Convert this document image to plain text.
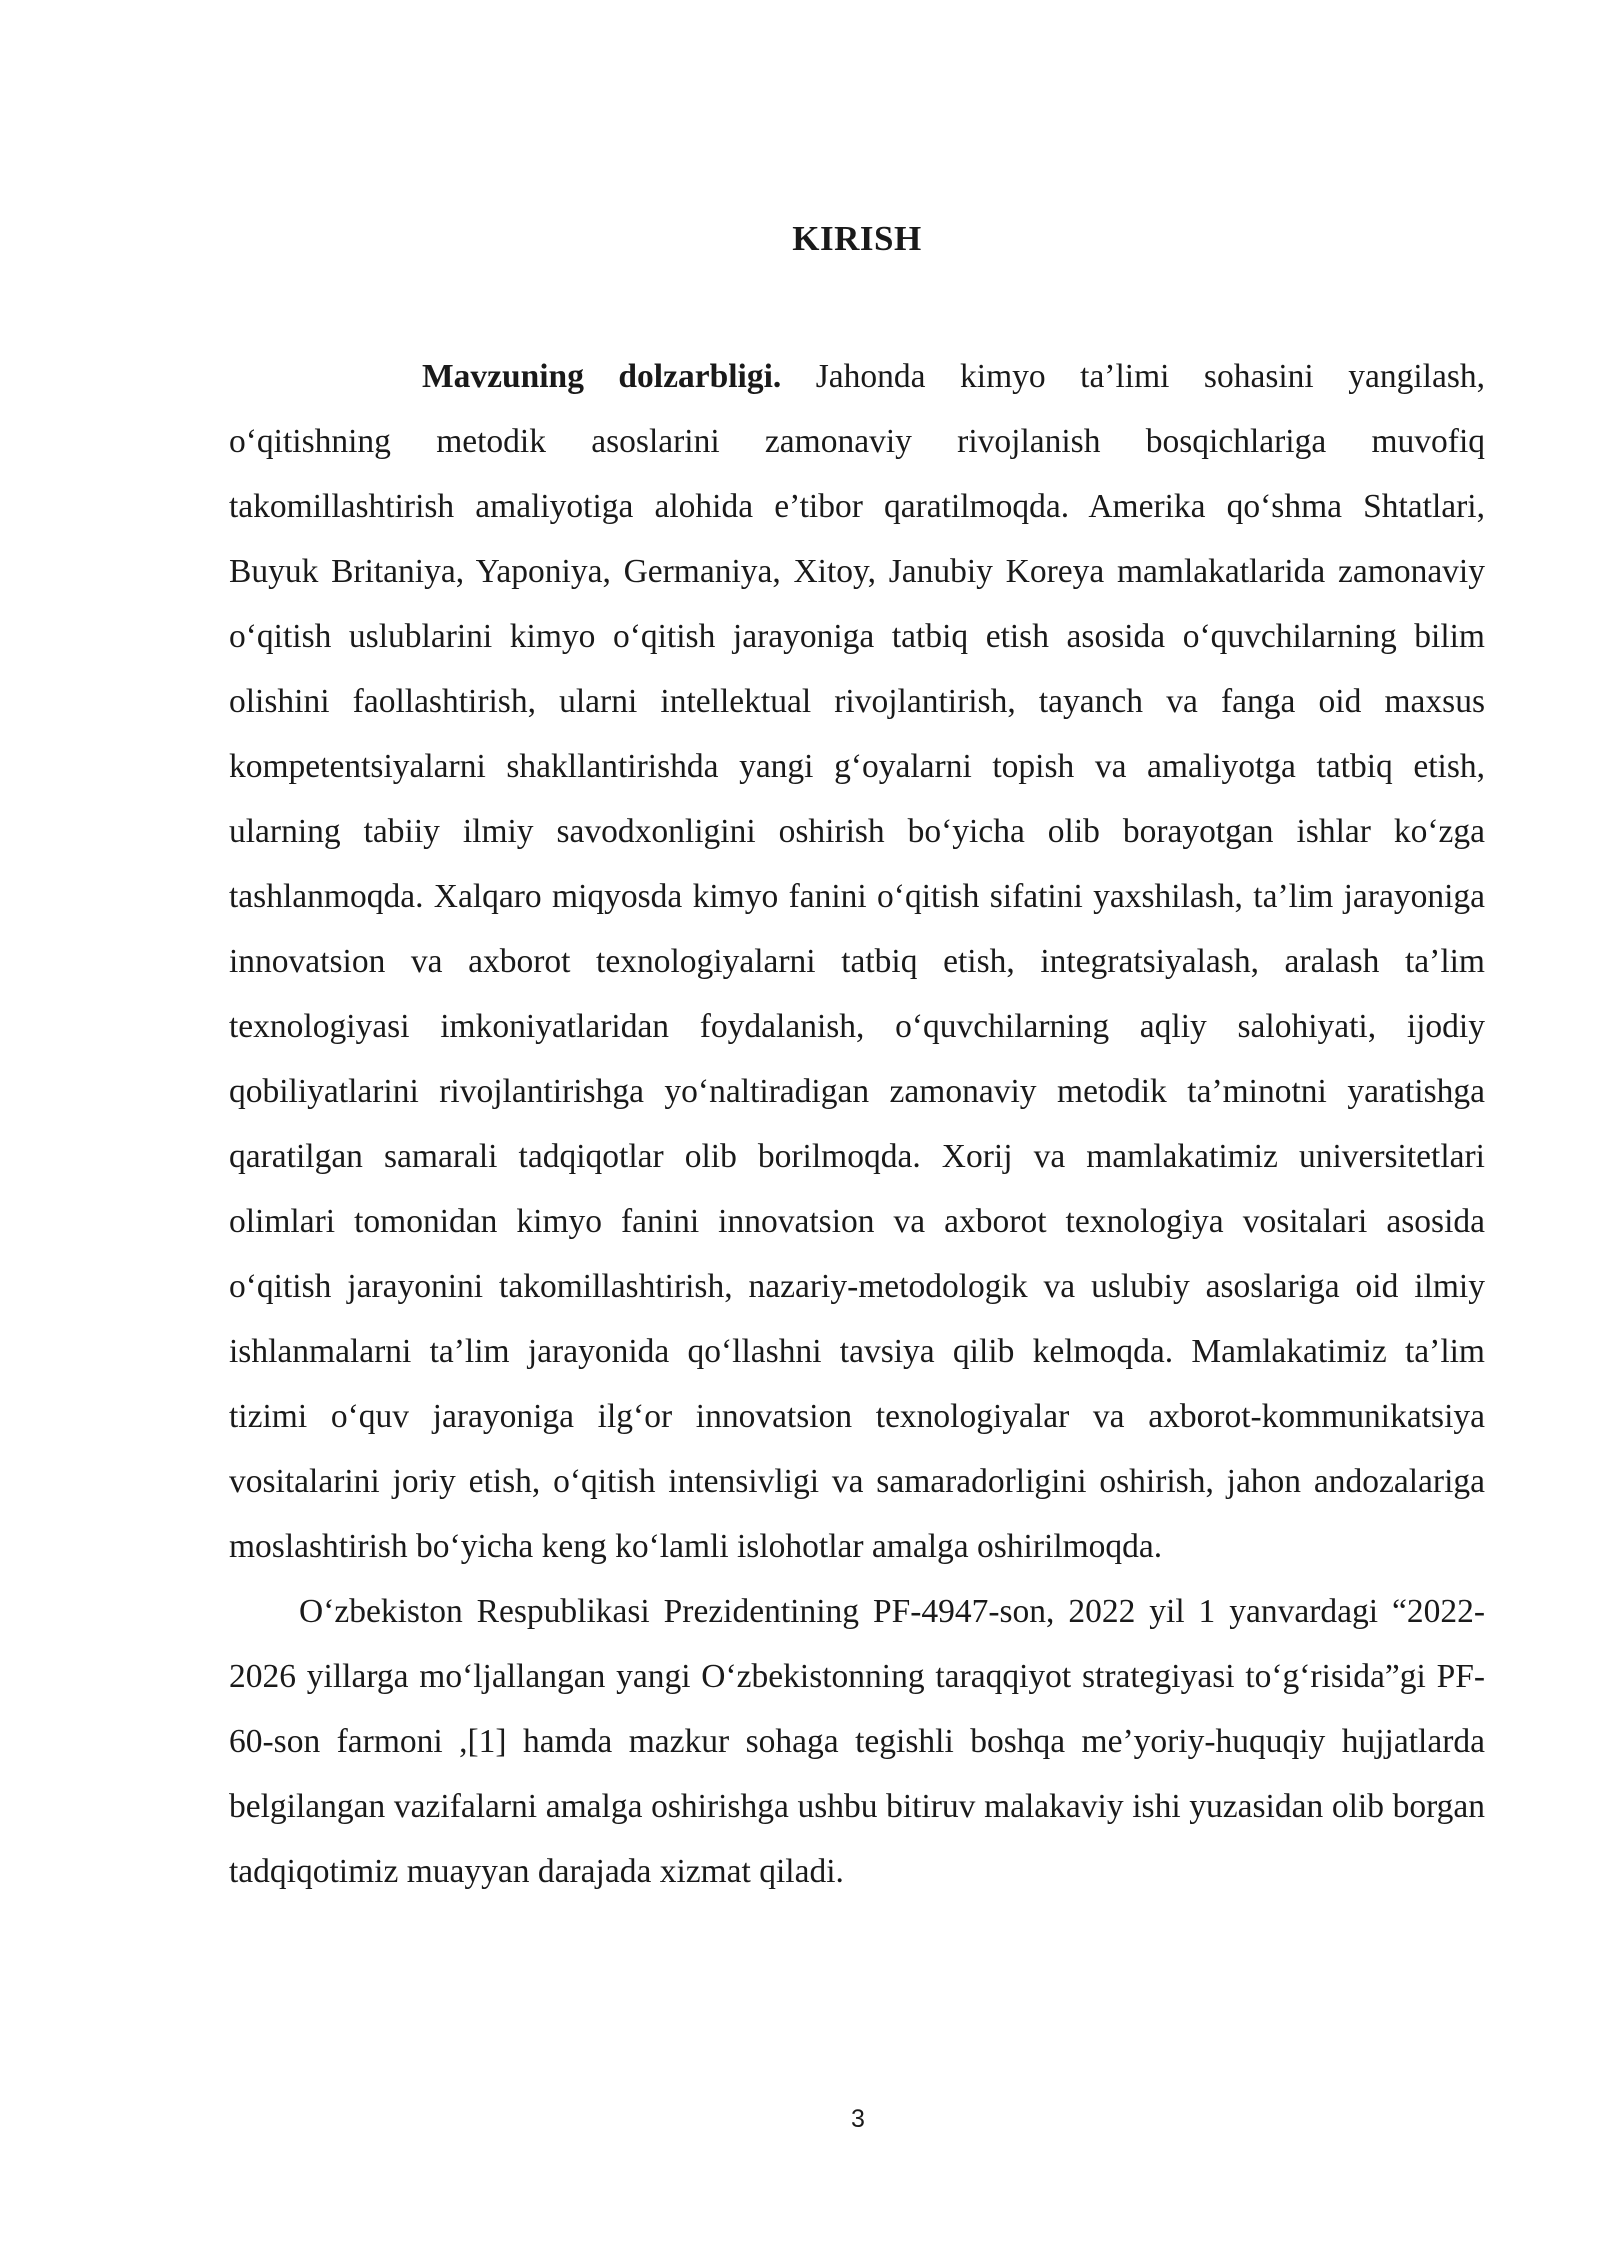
KIRISH

Mavzuning dolzarbligi. Jahonda kimyo ta’limi sohasini yangilash, o‘qitishning metodik asoslarini zamonaviy rivojlanish bosqichlariga muvofiq takomillashtirish amaliyotiga alohida e’tibor qaratilmoqda. Amerika qo‘shma Shtatlari, Buyuk Britaniya, Yaponiya, Germaniya, Xitoy, Janubiy Koreya mamlakatlarida zamonaviy o‘qitish uslublarini kimyo o‘qitish jarayoniga tatbiq etish asosida o‘quvchilarning bilim olishini faollashtirish, ularni intellektual rivojlantirish, tayanch va fanga oid maxsus kompetentsiyalarni shakllantirishda yangi g‘oyalarni topish va amaliyotga tatbiq etish, ularning tabiiy ilmiy savodxonligini oshirish bo‘yicha olib borayotgan ishlar ko‘zga tashlanmoqda. Xalqaro miqyosda kimyo fanini o‘qitish sifatini yaxshilash, ta’lim jarayoniga innovatsion va axborot texnologiyalarni tatbiq etish, integratsiyalash, aralash ta’lim texnologiyasi imkoniyatlaridan foydalanish, o‘quvchilarning aqliy salohiyati, ijodiy qobiliyatlarini rivojlantirishga yo‘naltiradigan zamonaviy metodik ta’minotni yaratishga qaratilgan samarali tadqiqotlar olib borilmoqda. Xorij va mamlakatimiz universitetlari olimlari tomonidan kimyo fanini innovatsion va axborot texnologiya vositalari asosida o‘qitish jarayonini takomillashtirish, nazariy-metodologik va uslubiy asoslariga oid ilmiy ishlanmalarni ta’lim jarayonida qo‘llashni tavsiya qilib kelmoqda. Mamlakatimiz ta’lim tizimi o‘quv jarayoniga ilg‘or innovatsion texnologiyalar va axborot-kommunikatsiya vositalarini joriy etish, o‘qitish intensivligi va samaradorligini oshirish, jahon andozalariga moslashtirish bo‘yicha keng ko‘lamli islohotlar amalga oshirilmoqda.

O‘zbekiston Respublikasi Prezidentining PF-4947-son, 2022 yil 1 yanvardagi “2022-2026 yillarga mo‘ljallangan yangi O‘zbekistonning taraqqiyot strategiyasi to‘g‘risida”gi PF-60-son farmoni ,[1] hamda mazkur sohaga tegishli boshqa me’yoriy-huquqiy hujjatlarda belgilangan vazifalarni amalga oshirishga ushbu bitiruv malakaviy ishi yuzasidan olib borgan tadqiqotimiz muayyan darajada xizmat qiladi.

3
